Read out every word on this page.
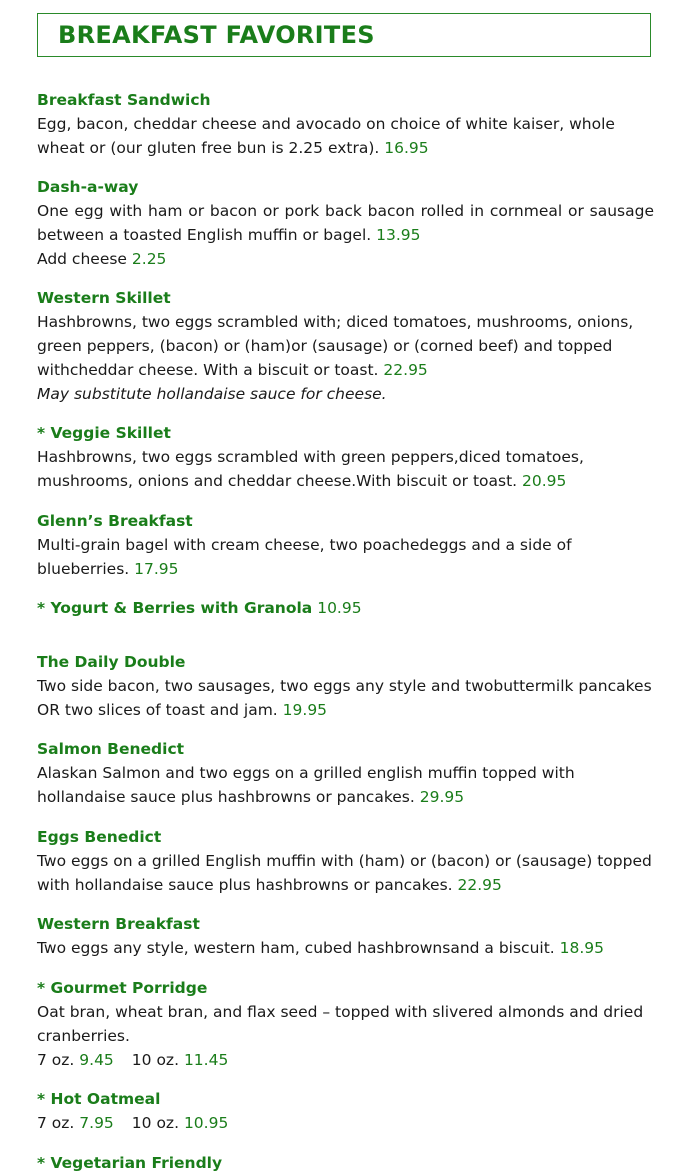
BREAKFAST FAVORITES
Breakfast Sandwich
Egg, bacon, cheddar cheese and avocado on choice of white kaiser, whole wheat or (our gluten free bun is 2.25 extra). 16.95
Dash-a-way
One egg with ham or bacon or pork back bacon rolled in cornmeal or sausage between a toasted English muffin or bagel. 13.95
Add cheese 2.25
Western Skillet
Hashbrowns, two eggs scrambled with; diced tomatoes, mushrooms, onions, green peppers, (bacon) or (ham)or (sausage) or (corned beef) and topped withcheddar cheese. With a biscuit or toast. 22.95
May substitute hollandaise sauce for cheese.
* Veggie Skillet
Hashbrowns, two eggs scrambled with green peppers,diced tomatoes, mushrooms, onions and cheddar cheese.With biscuit or toast. 20.95
Glenn’s Breakfast
Multi-grain bagel with cream cheese, two poachedeggs and a side of blueberries. 17.95
* Yogurt & Berries with Granola 10.95
The Daily Double
Two side bacon, two sausages, two eggs any style and twobuttermilk pancakes OR two slices of toast and jam. 19.95
Salmon Benedict
Alaskan Salmon and two eggs on a grilled english muffin topped with hollandaise sauce plus hashbrowns or pancakes. 29.95
Eggs Benedict
Two eggs on a grilled English muffin with (ham) or (bacon) or (sausage) topped with hollandaise sauce plus hashbrowns or pancakes. 22.95
Western Breakfast
Two eggs any style, western ham, cubed hashbrownsand a biscuit. 18.95
* Gourmet Porridge
Oat bran, wheat bran, and flax seed – topped with slivered almonds and dried cranberries.
7 oz. 9.45 10 oz. 11.45
* Hot Oatmeal
7 oz. 7.95 10 oz. 10.95
* Vegetarian Friendly
